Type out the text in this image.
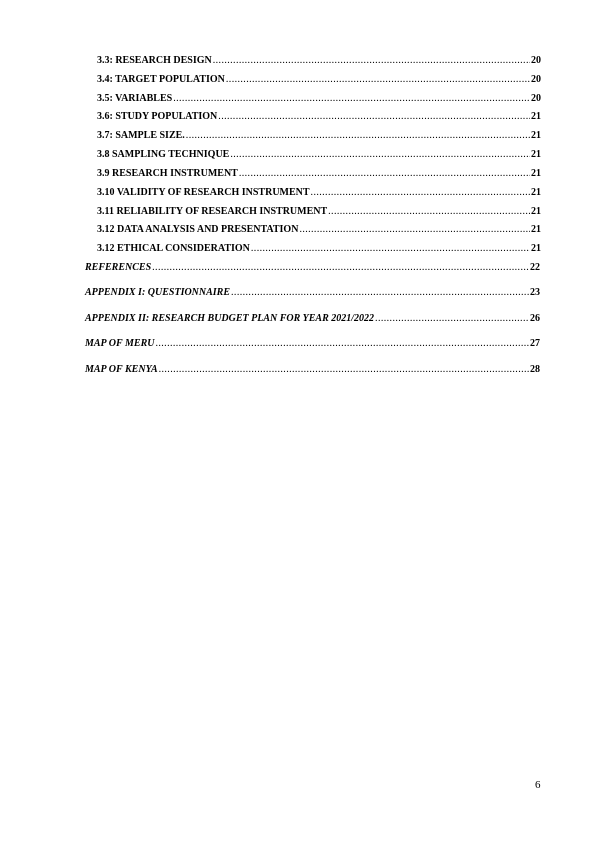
3.3: RESEARCH DESIGN .....	20
3.4: TARGET POPULATION .....	20
3.5: VARIABLES .....	20
3.6: STUDY POPULATION .....	21
3.7: SAMPLE SIZE. .....	21
3.8 SAMPLING TECHNIQUE .....	21
3.9 RESEARCH INSTRUMENT .....	21
3.10 VALIDITY OF RESEARCH INSTRUMENT .....	21
3.11 RELIABILITY OF RESEARCH INSTRUMENT .....	21
3.12 DATA ANALYSIS AND PRESENTATION .....	21
3.12 ETHICAL CONSIDERATION .....	21
REFERENCES .....	22
APPENDIX I: QUESTIONNAIRE .....	23
APPENDIX II: RESEARCH BUDGET PLAN FOR YEAR 2021/2022 .....	26
MAP OF MERU .....	27
MAP OF KENYA .....	28
6
